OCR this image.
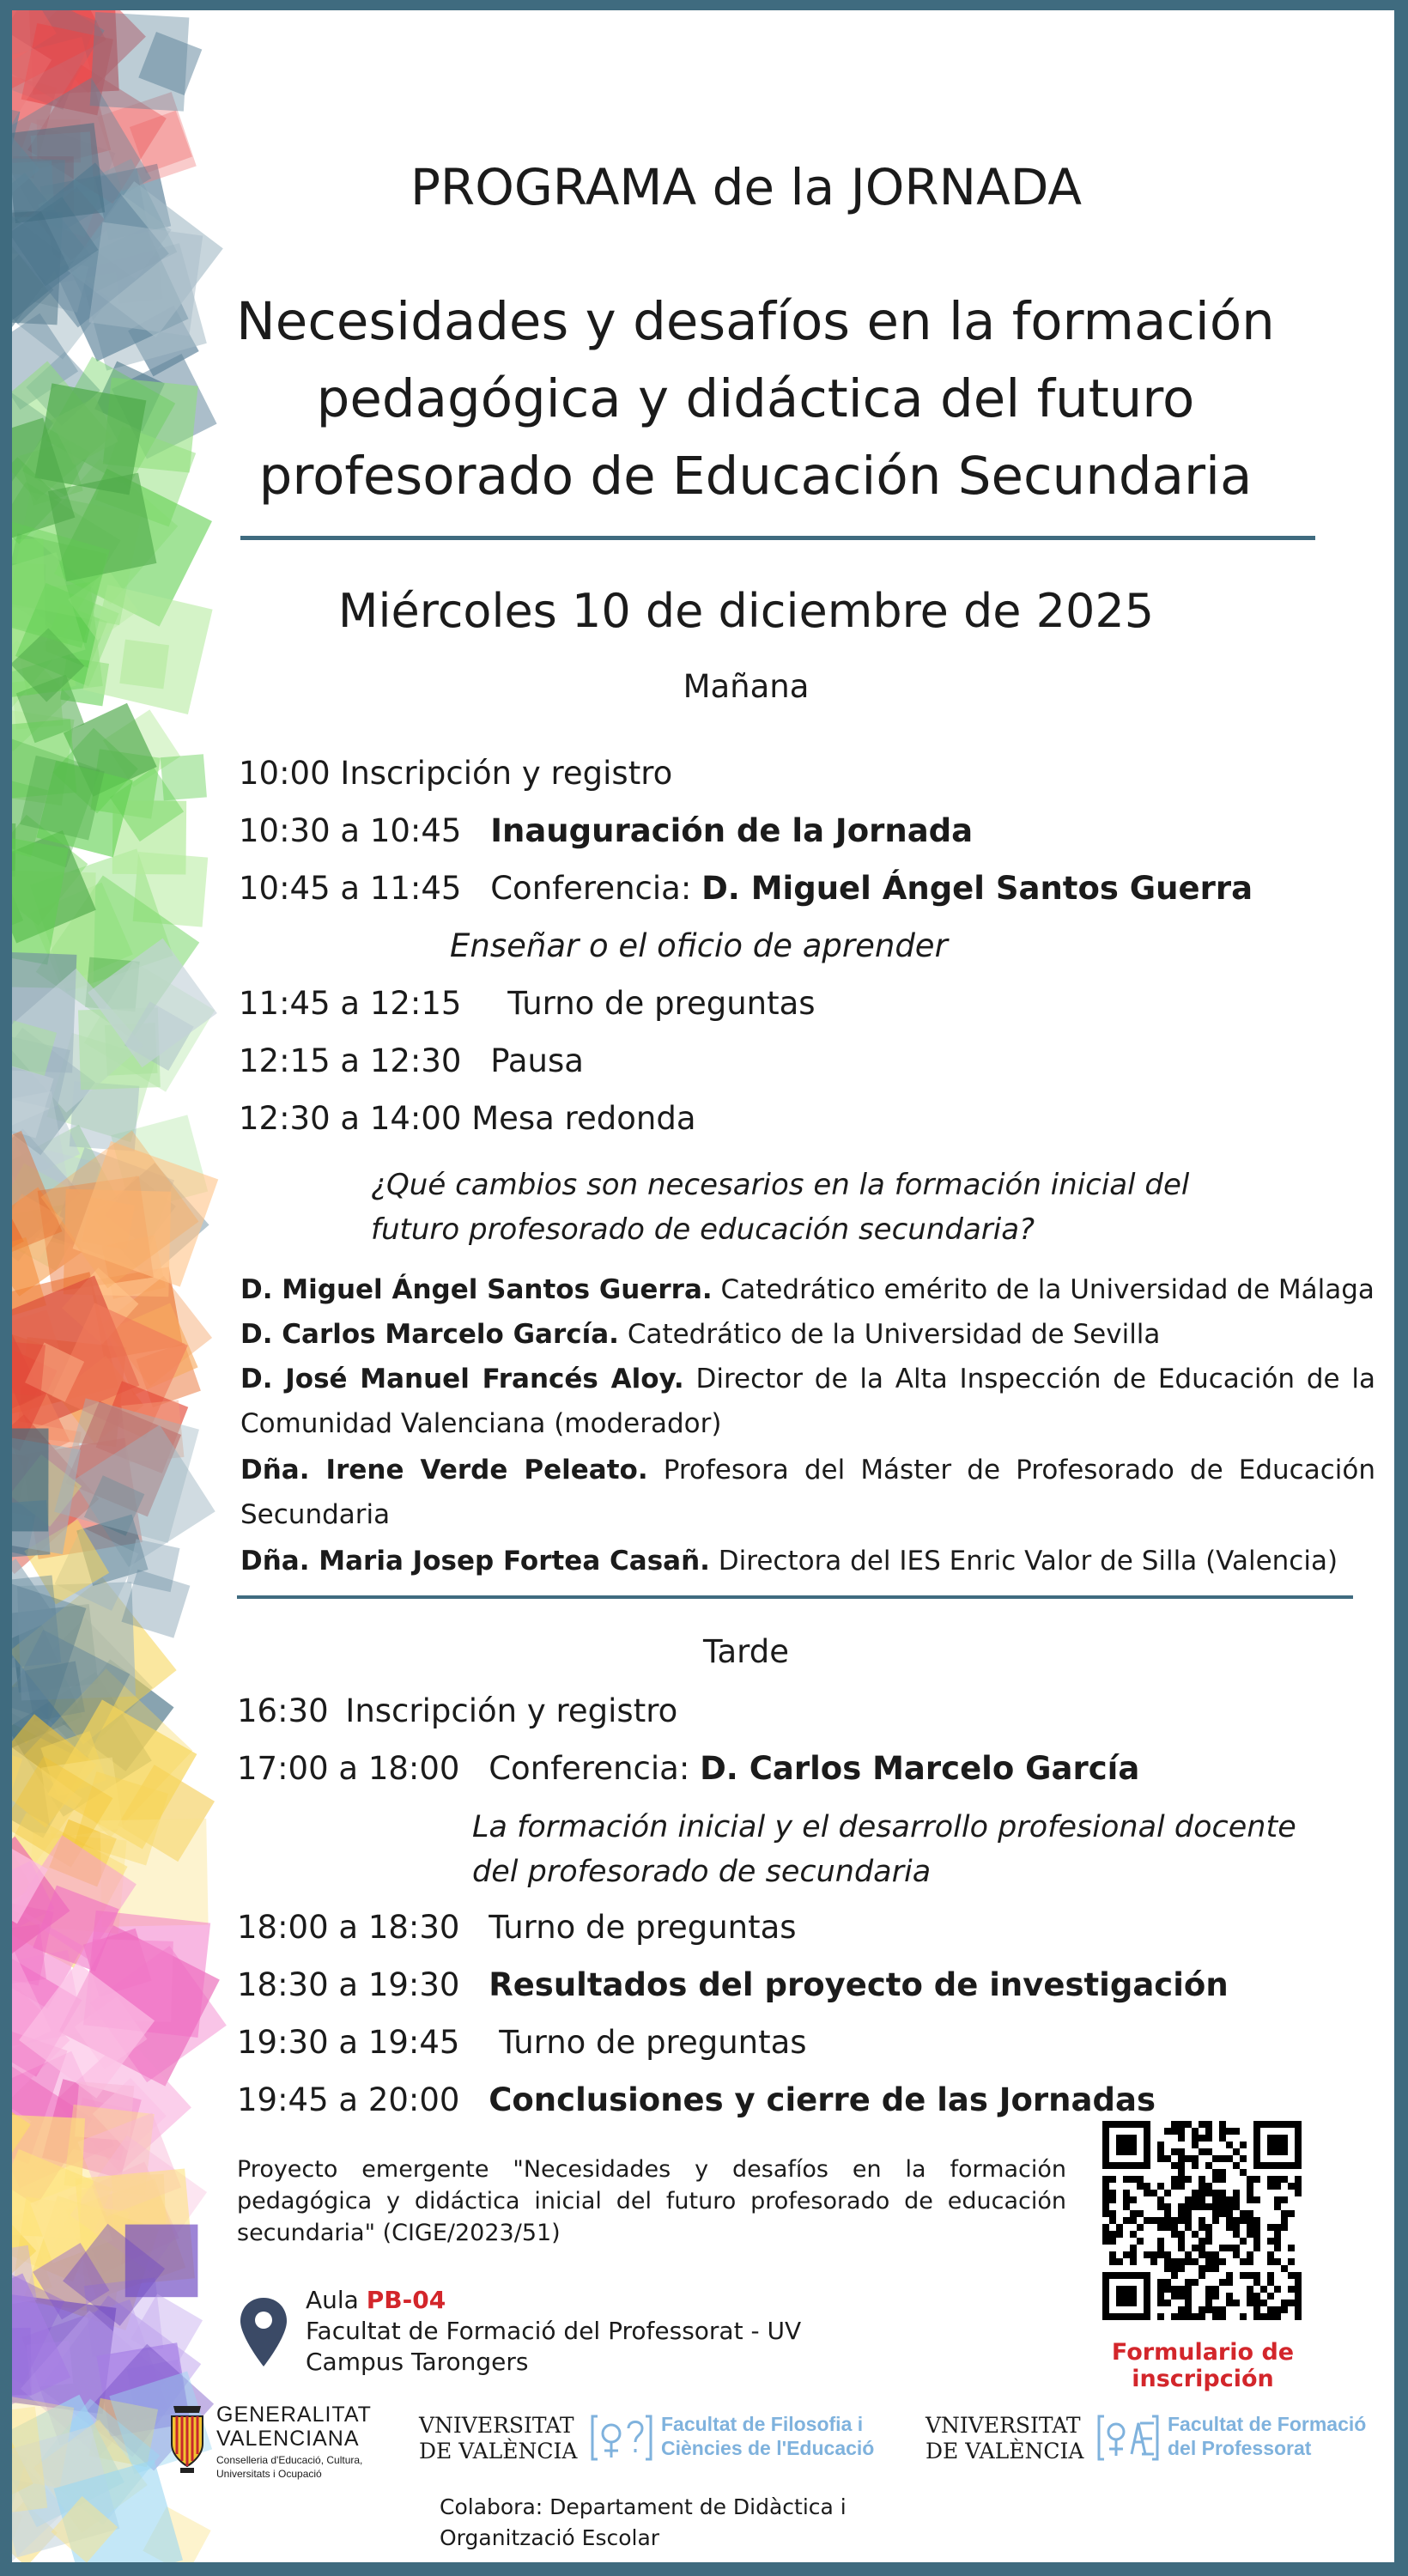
PROGRAMA de la JORNADA
Necesidades y desafíos en la formación
pedagógica y didáctica del futuro
profesorado de Educación Secundaria
Miércoles 10 de diciembre de 2025
Mañana
10:00 Inscripción y registro
10:30 a 10:45 Inauguración de la Jornada
10:45 a 11:45 Conferencia: D. Miguel Ángel Santos Guerra
Enseñar o el oficio de aprender
11:45 a 12:15 Turno de preguntas
12:15 a 12:30 Pausa
12:30 a 14:00 Mesa redonda
¿Qué cambios son necesarios en la formación inicial del
futuro profesorado de educación secundaria?
D. Miguel Ángel Santos Guerra. Catedrático emérito de la Universidad de Málaga
D. Carlos Marcelo García. Catedrático de la Universidad de Sevilla
D. José Manuel Francés Aloy. Director de la Alta Inspección de Educación de la Comunidad Valenciana (moderador)
Dña. Irene Verde Peleato. Profesora del Máster de Profesorado de Educación Secundaria
Dña. Maria Josep Fortea Casañ. Directora del IES Enric Valor de Silla (Valencia)
Tarde
16:30 Inscripción y registro
17:00 a 18:00 Conferencia: D. Carlos Marcelo García
La formación inicial y el desarrollo profesional docente
del profesorado de secundaria
18:00 a 18:30 Turno de preguntas
18:30 a 19:30 Resultados del proyecto de investigación
19:30 a 19:45 Turno de preguntas
19:45 a 20:00 Conclusiones y cierre de las Jornadas
Proyecto emergente "Necesidades y desafíos en la formación pedagógica y didáctica inicial del futuro profesorado de educación secundaria" (CIGE/2023/51)
Formulario de inscripción
Aula PB-04
Facultat de Formació del Professorat - UV
Campus Tarongers
GENERALITAT
VALENCIANA
Conselleria d'Educació, Cultura,
Universitats i Ocupació
VNIVERSITAT
DE VALÈNCIA
Facultat de Filosofia i
Ciències de l'Educació
VNIVERSITAT
DE VALÈNCIA
Facultat de Formació
del Professorat
Colabora: Departament de Didàctica i
Organització Escolar
